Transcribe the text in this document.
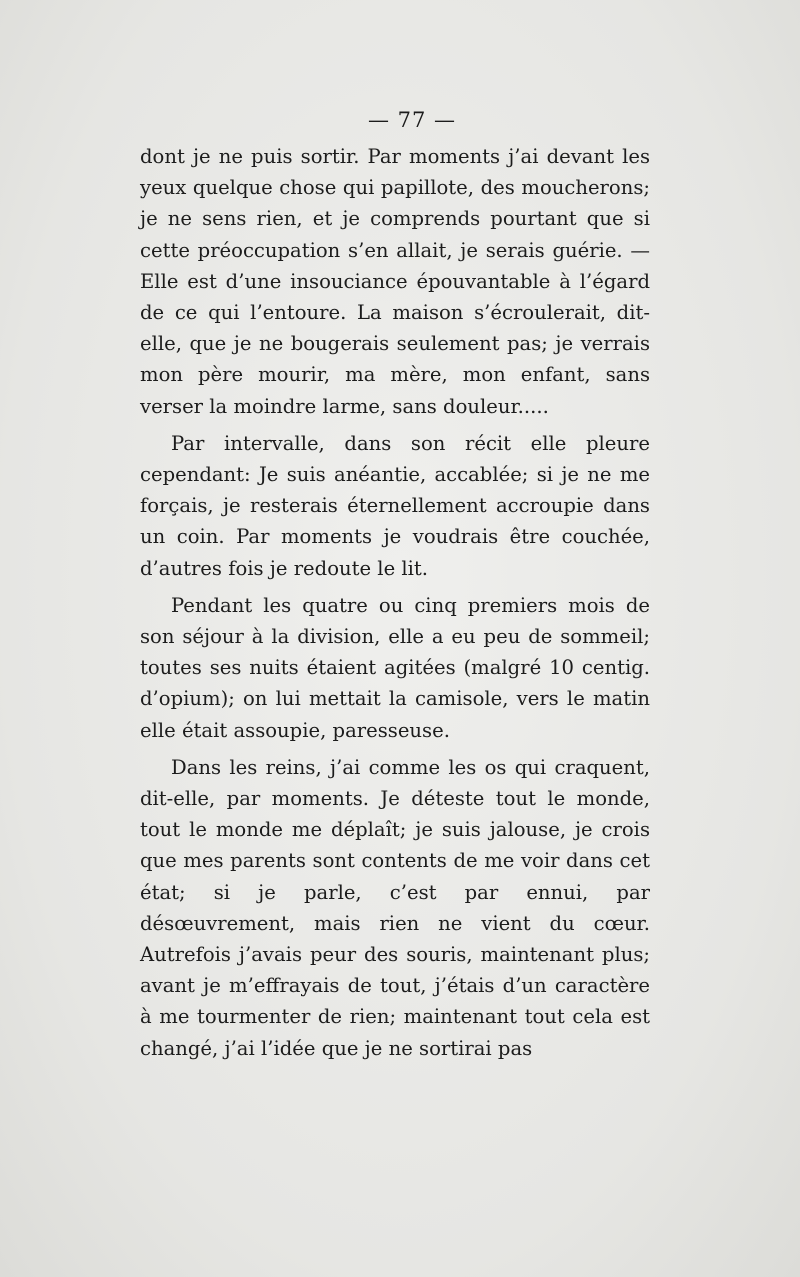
— 77 —

dont je ne puis sortir. Par moments j’ai devant les yeux quelque chose qui papillote, des moucherons; je ne sens rien, et je comprends pourtant que si cette préoccupation s’en allait, je serais guérie. — Elle est d’une insouciance épouvantable à l’égard de ce qui l’entoure. La maison s’écroulerait, dit-elle, que je ne bougerais seulement pas; je verrais mon père mourir, ma mère, mon enfant, sans verser la moindre larme, sans douleur.....

Par intervalle, dans son récit elle pleure cependant: Je suis anéantie, accablée; si je ne me forçais, je resterais éternellement accroupie dans un coin. Par moments je voudrais être couchée, d’autres fois je redoute le lit.

Pendant les quatre ou cinq premiers mois de son séjour à la division, elle a eu peu de sommeil; toutes ses nuits étaient agitées (malgré 10 centig. d’opium); on lui mettait la camisole, vers le matin elle était assoupie, paresseuse.

Dans les reins, j’ai comme les os qui craquent, dit-elle, par moments. Je déteste tout le monde, tout le monde me déplaît; je suis jalouse, je crois que mes parents sont contents de me voir dans cet état; si je parle, c’est par ennui, par désœuvrement, mais rien ne vient du cœur. Autrefois j’avais peur des souris, maintenant plus; avant je m’effrayais de tout, j’étais d’un caractère à me tourmenter de rien; maintenant tout cela est changé, j’ai l’idée que je ne sortirai pas
